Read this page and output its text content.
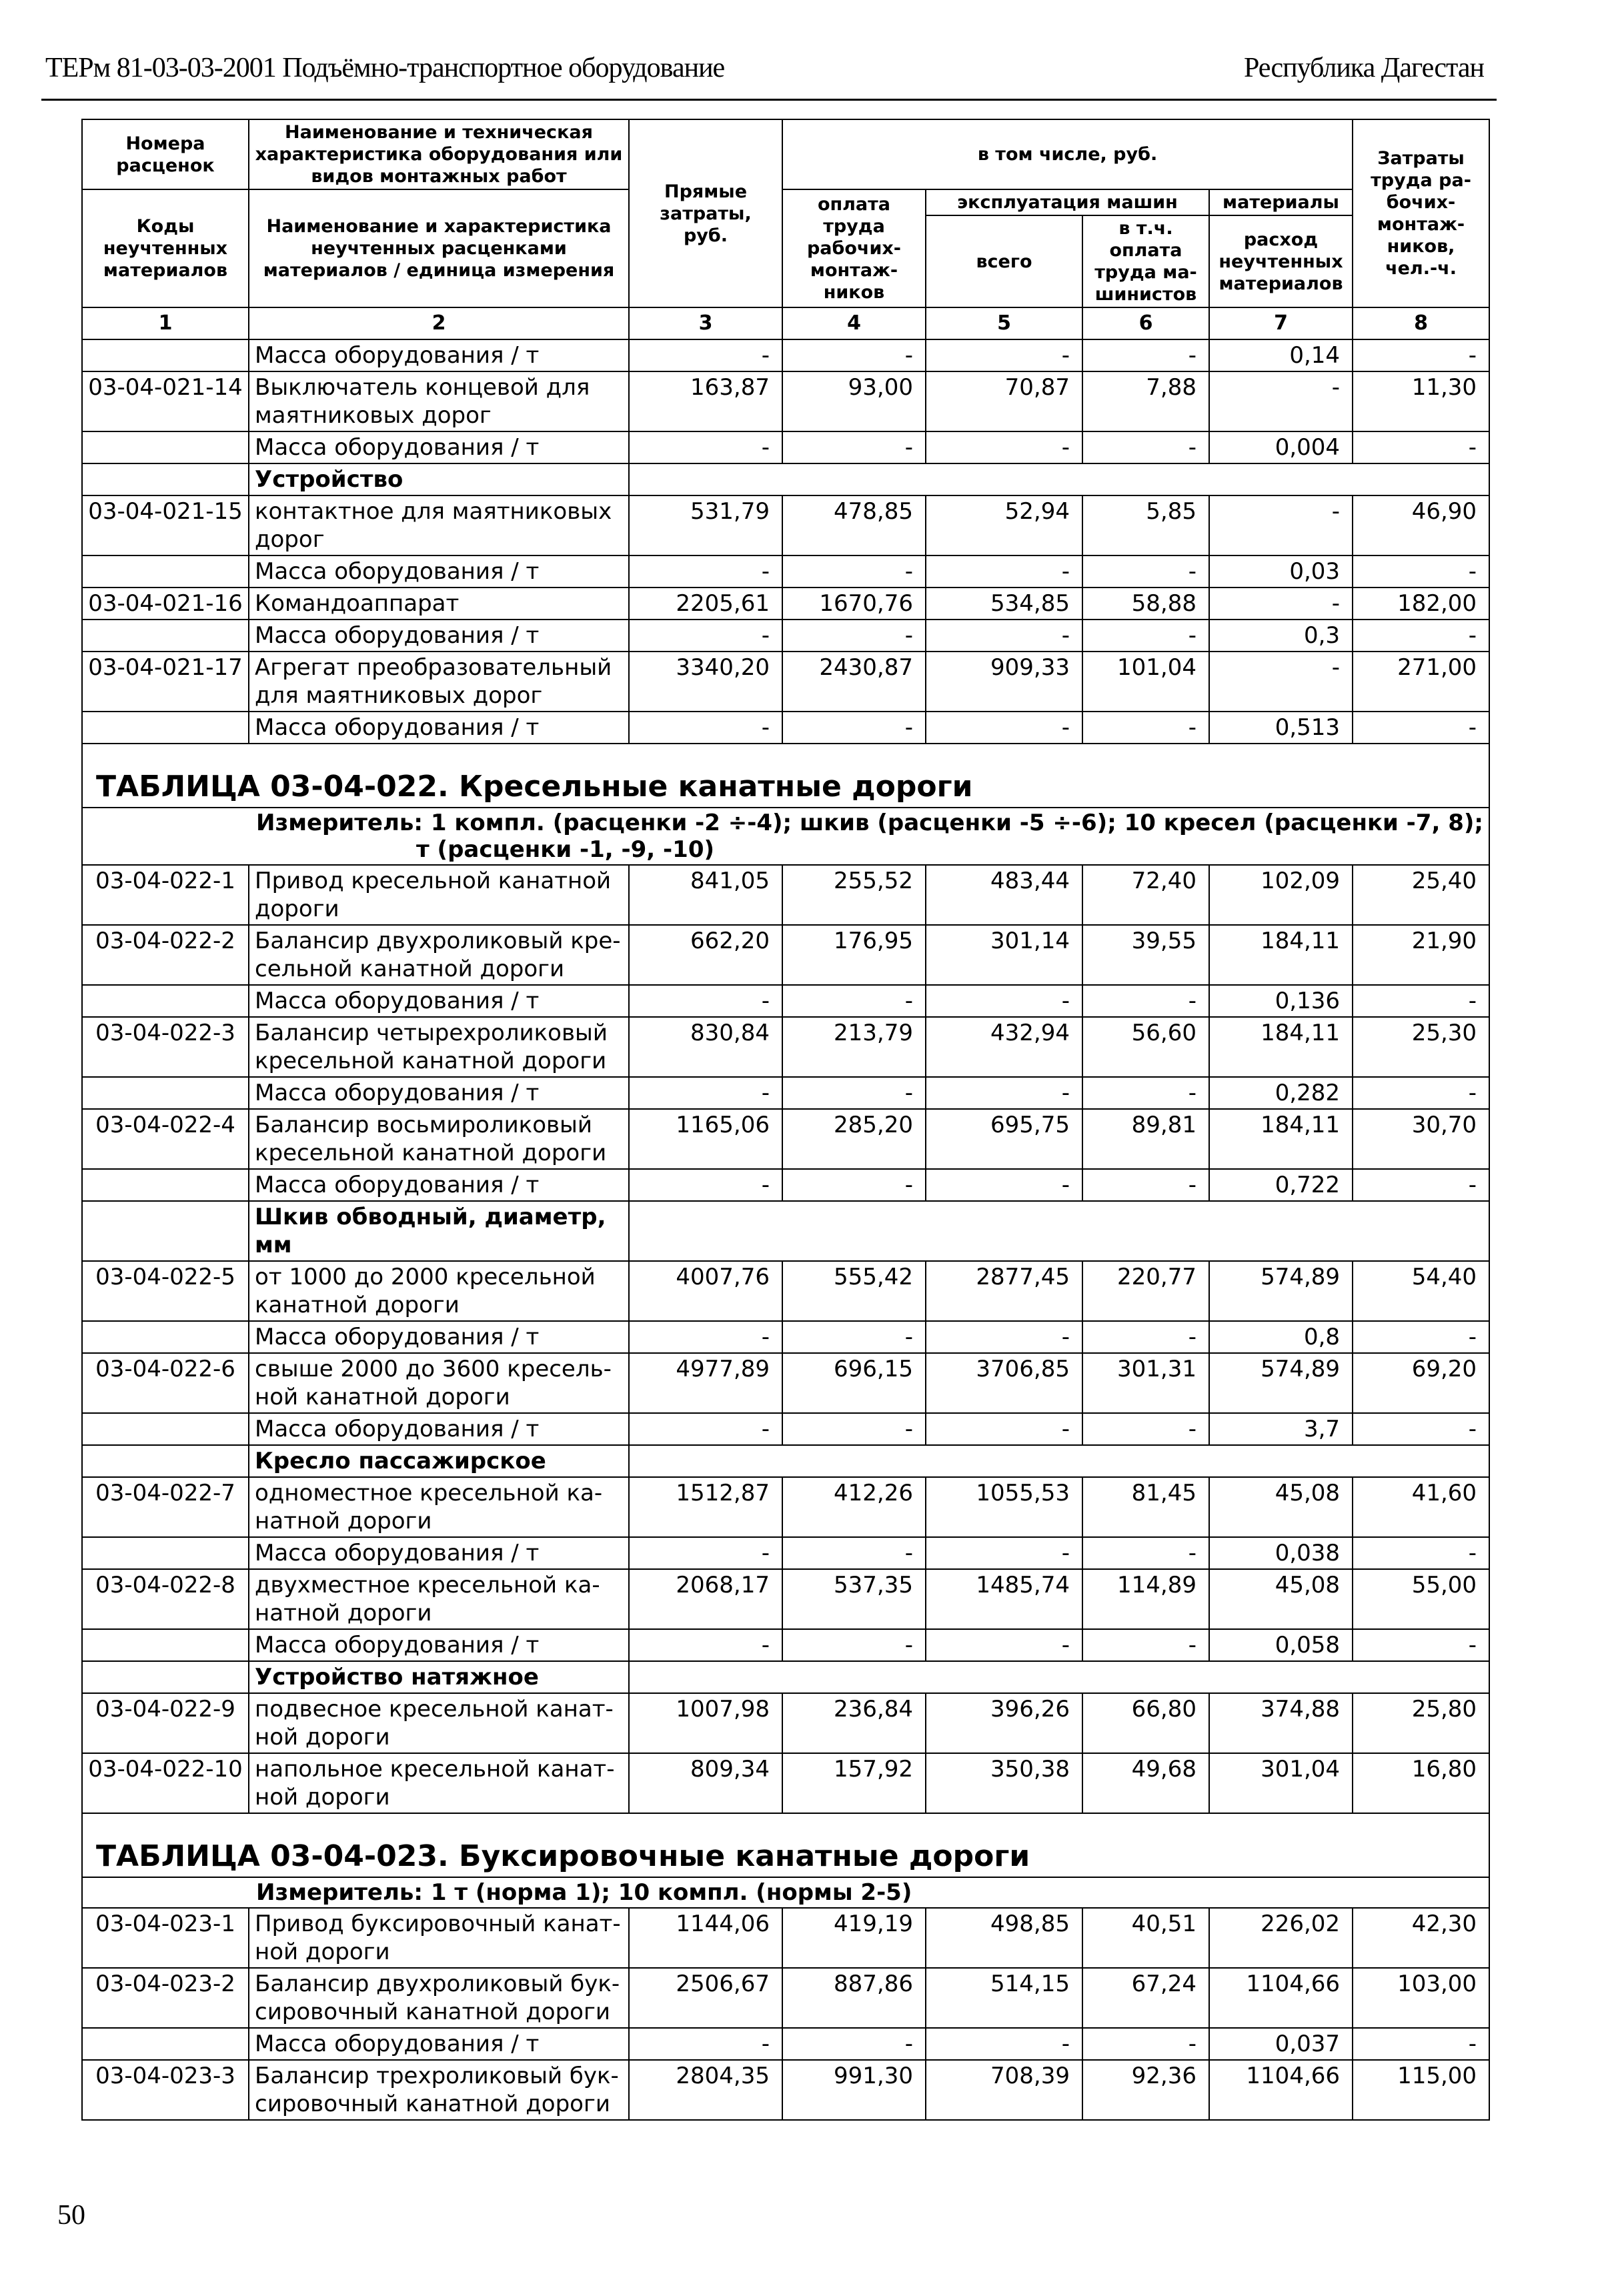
ТЕРм 81-03-03-2001 Подъёмно-транспортное оборудование	Республика Дагестан
Номера расценок	Наименование и техническая характеристика оборудования или видов монтажных работ	Прямые затраты, руб.	в том числе, руб.				Затраты труда ра-бочих-монтаж-ников, чел.-ч.
Коды неучтенных материалов	Наименование и характеристика неучтенных расценками материалов / единица измерения		оплата труда рабочих-монтаж-ников	эксплуатация машин		материалы	
				всего	в т.ч. оплата труда ма-шинистов	расход неучтенных материалов	
1	2	3	4	5	6	7	8
	Масса оборудования / т	-	-	-	-	0,14	-
03-04-021-14	Выключатель концевой для маятниковых дорог	163,87	93,00	70,87	7,88	-	11,30
	Масса оборудования / т	-	-	-	-	0,004	-
	Устройство						
03-04-021-15	контактное для маятниковых дорог	531,79	478,85	52,94	5,85	-	46,90
	Масса оборудования / т	-	-	-	-	0,03	-
03-04-021-16	Командоаппарат	2205,61	1670,76	534,85	58,88	-	182,00
	Масса оборудования / т	-	-	-	-	0,3	-
03-04-021-17	Агрегат преобразовательный для маятниковых дорог	3340,20	2430,87	909,33	101,04	-	271,00
	Масса оборудования / т	-	-	-	-	0,513	-
ТАБЛИЦА 03-04-022. Кресельные канатные дороги							
Измеритель: 1 компл. (расценки -2 ÷-4); шкив (расценки -5 ÷-6); 10 кресел (расценки -7, 8);
т (расценки -1, -9, -10)							

03-04-022-1	Привод кресельной канатной дороги	841,05	255,52	483,44	72,40	102,09	25,40
03-04-022-2	Балансир двухроликовый кре-сельной канатной дороги	662,20	176,95	301,14	39,55	184,11	21,90
	Масса оборудования / т	-	-	-	-	0,136	-
03-04-022-3	Балансир четырехроликовый кресельной канатной дороги	830,84	213,79	432,94	56,60	184,11	25,30
	Масса оборудования / т	-	-	-	-	0,282	-
03-04-022-4	Балансир восьмироликовый кресельной канатной дороги	1165,06	285,20	695,75	89,81	184,11	30,70
	Масса оборудования / т	-	-	-	-	0,722	-
	Шкив обводный, диаметр, мм						
03-04-022-5	от 1000 до 2000 кресельной канатной дороги	4007,76	555,42	2877,45	220,77	574,89	54,40
	Масса оборудования / т	-	-	-	-	0,8	-
03-04-022-6	свыше 2000 до 3600 кресель-ной канатной дороги	4977,89	696,15	3706,85	301,31	574,89	69,20
	Масса оборудования / т	-	-	-	-	3,7	-
	Кресло пассажирское						
03-04-022-7	одноместное кресельной ка-натной дороги	1512,87	412,26	1055,53	81,45	45,08	41,60
	Масса оборудования / т	-	-	-	-	0,038	-
03-04-022-8	двухместное кресельной ка-натной дороги	2068,17	537,35	1485,74	114,89	45,08	55,00
	Масса оборудования / т	-	-	-	-	0,058	-
	Устройство натяжное						
03-04-022-9	подвесное кресельной канат-ной дороги	1007,98	236,84	396,26	66,80	374,88	25,80
03-04-022-10	напольное кресельной канат-ной дороги	809,34	157,92	350,38	49,68	301,04	16,80
ТАБЛИЦА 03-04-023. Буксировочные канатные дороги							
Измеритель: 1 т (норма 1); 10 компл. (нормы 2-5)							
03-04-023-1	Привод буксировочный канат-ной дороги	1144,06	419,19	498,85	40,51	226,02	42,30
03-04-023-2	Балансир двухроликовый бук-сировочный канатной дороги	2506,67	887,86	514,15	67,24	1104,66	103,00
	Масса оборудования / т	-	-	-	-	0,037	-
03-04-023-3	Балансир трехроликовый бук-сировочный канатной дороги	2804,35	991,30	708,39	92,36	1104,66	115,00
50
